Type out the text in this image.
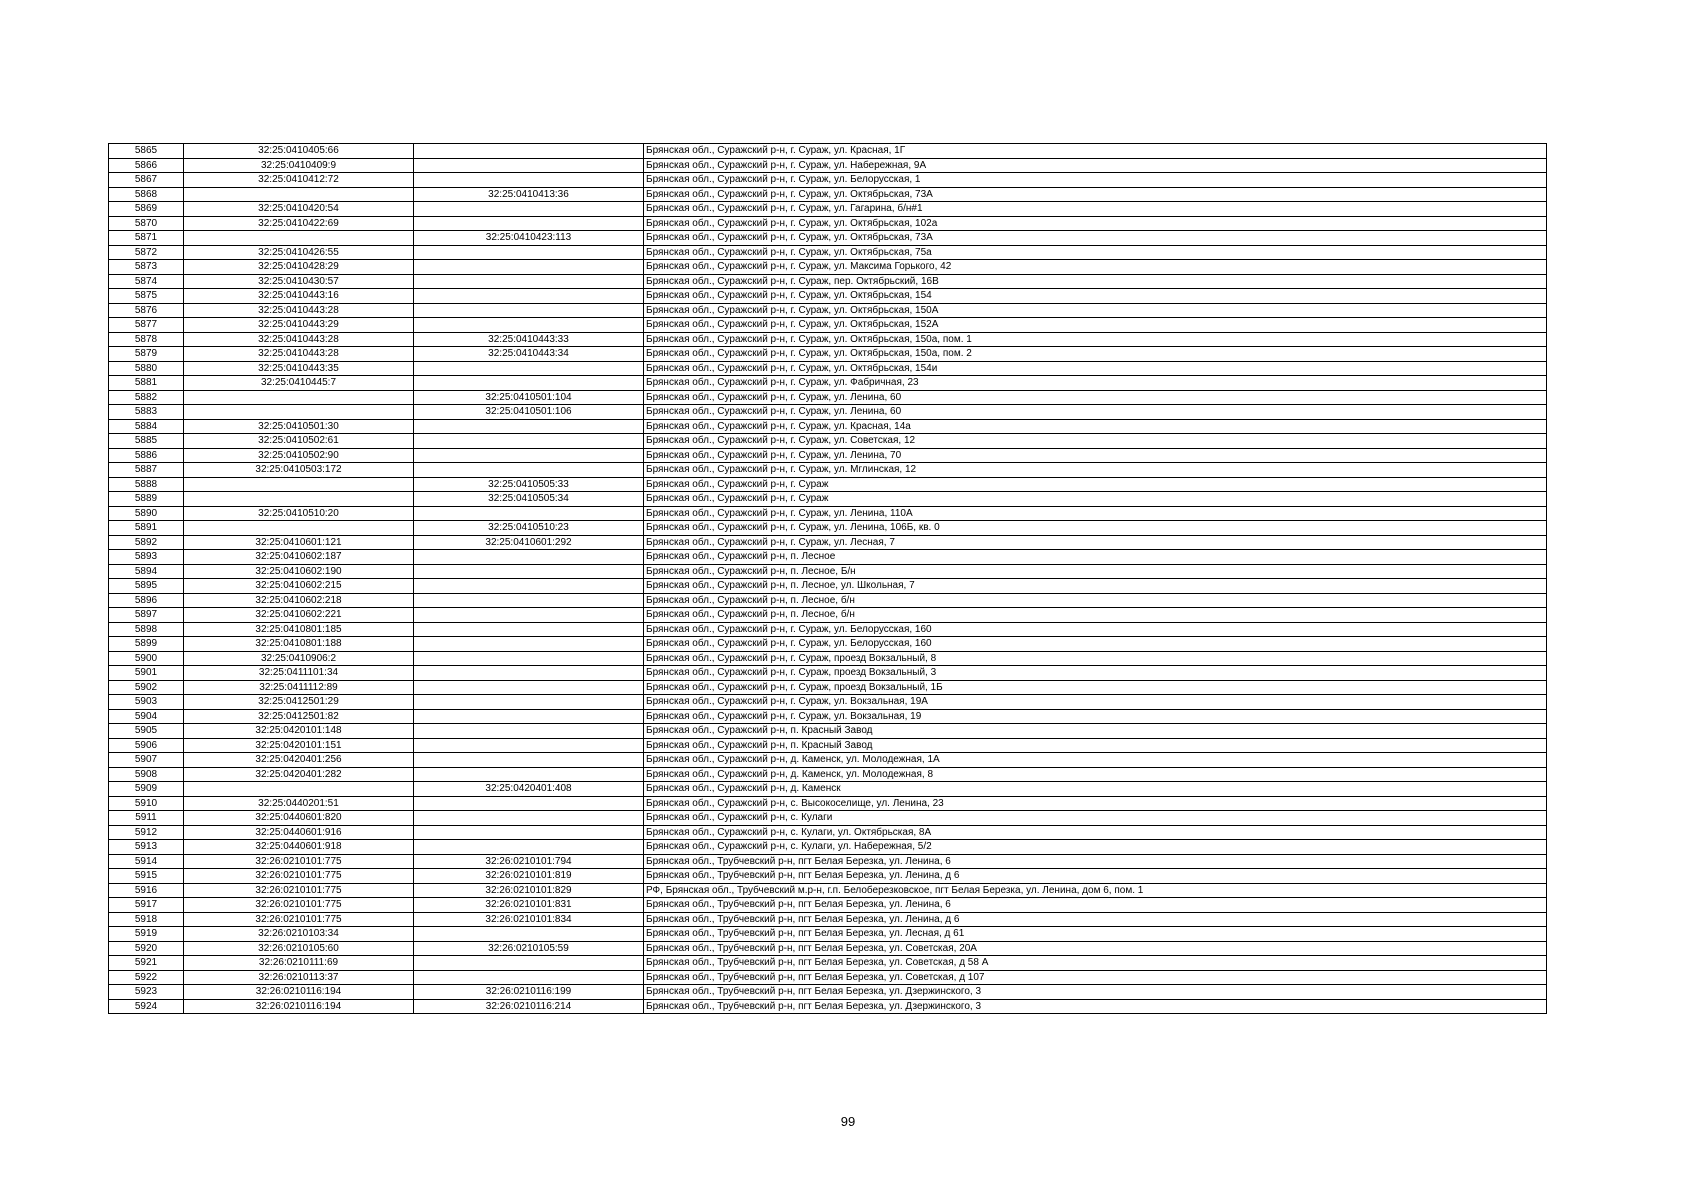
5865	32:25:0410405:66		Брянская обл., Суражский р-н, г. Сураж, ул. Красная, 1Г
5866	32:25:0410409:9		Брянская обл., Суражский р-н, г. Сураж, ул. Набережная, 9А
5867	32:25:0410412:72		Брянская обл., Суражский р-н, г. Сураж, ул. Белорусская, 1
5868		32:25:0410413:36	Брянская обл., Суражский р-н, г. Сураж, ул. Октябрьская, 73А
5869	32:25:0410420:54		Брянская обл., Суражский р-н, г. Сураж, ул. Гагарина, б/н#1
5870	32:25:0410422:69		Брянская обл., Суражский р-н, г. Сураж, ул. Октябрьская, 102а
5871		32:25:0410423:113	Брянская обл., Суражский р-н, г. Сураж, ул. Октябрьская, 73А
5872	32:25:0410426:55		Брянская обл., Суражский р-н, г. Сураж, ул. Октябрьская, 75а
5873	32:25:0410428:29		Брянская обл., Суражский р-н, г. Сураж, ул. Максима Горького, 42
5874	32:25:0410430:57		Брянская обл., Суражский р-н, г. Сураж, пер. Октябрьский, 16В
5875	32:25:0410443:16		Брянская обл., Суражский р-н, г. Сураж, ул. Октябрьская, 154
5876	32:25:0410443:28		Брянская обл., Суражский р-н, г. Сураж, ул. Октябрьская, 150А
5877	32:25:0410443:29		Брянская обл., Суражский р-н, г. Сураж, ул. Октябрьская, 152А
5878	32:25:0410443:28	32:25:0410443:33	Брянская обл., Суражский р-н, г. Сураж, ул. Октябрьская, 150а, пом. 1
5879	32:25:0410443:28	32:25:0410443:34	Брянская обл., Суражский р-н, г. Сураж, ул. Октябрьская, 150а, пом. 2
5880	32:25:0410443:35		Брянская обл., Суражский р-н, г. Сураж, ул. Октябрьская, 154и
5881	32:25:0410445:7		Брянская обл., Суражский р-н, г. Сураж, ул. Фабричная, 23
5882		32:25:0410501:104	Брянская обл., Суражский р-н, г. Сураж, ул. Ленина, 60
5883		32:25:0410501:106	Брянская обл., Суражский р-н, г. Сураж, ул. Ленина, 60
5884	32:25:0410501:30		Брянская обл., Суражский р-н, г. Сураж, ул. Красная, 14а
5885	32:25:0410502:61		Брянская обл., Суражский р-н, г. Сураж, ул. Советская, 12
5886	32:25:0410502:90		Брянская обл., Суражский р-н, г. Сураж, ул. Ленина, 70
5887	32:25:0410503:172		Брянская обл., Суражский р-н, г. Сураж, ул. Мглинская, 12
5888		32:25:0410505:33	Брянская обл., Суражский р-н, г. Сураж
5889		32:25:0410505:34	Брянская обл., Суражский р-н, г. Сураж
5890	32:25:0410510:20		Брянская обл., Суражский р-н, г. Сураж, ул. Ленина, 110А
5891		32:25:0410510:23	Брянская обл., Суражский р-н, г. Сураж, ул. Ленина, 106Б, кв. 0
5892	32:25:0410601:121	32:25:0410601:292	Брянская обл., Суражский р-н, г. Сураж, ул. Лесная, 7
5893	32:25:0410602:187		Брянская обл., Суражский р-н, п. Лесное
5894	32:25:0410602:190		Брянская обл., Суражский р-н, п. Лесное, Б/н
5895	32:25:0410602:215		Брянская обл., Суражский р-н, п. Лесное, ул. Школьная, 7
5896	32:25:0410602:218		Брянская обл., Суражский р-н, п. Лесное, б/н
5897	32:25:0410602:221		Брянская обл., Суражский р-н, п. Лесное, б/н
5898	32:25:0410801:185		Брянская обл., Суражский р-н, г. Сураж, ул. Белорусская, 160
5899	32:25:0410801:188		Брянская обл., Суражский р-н, г. Сураж, ул. Белорусская, 160
5900	32:25:0410906:2		Брянская обл., Суражский р-н, г. Сураж, проезд Вокзальный, 8
5901	32:25:0411101:34		Брянская обл., Суражский р-н, г. Сураж, проезд Вокзальный, 3
5902	32:25:0411112:89		Брянская обл., Суражский р-н, г. Сураж, проезд Вокзальный, 1Б
5903	32:25:0412501:29		Брянская обл., Суражский р-н, г. Сураж, ул. Вокзальная, 19А
5904	32:25:0412501:82		Брянская обл., Суражский р-н, г. Сураж, ул. Вокзальная, 19
5905	32:25:0420101:148		Брянская обл., Суражский р-н, п. Красный Завод
5906	32:25:0420101:151		Брянская обл., Суражский р-н, п. Красный Завод
5907	32:25:0420401:256		Брянская обл., Суражский р-н, д. Каменск, ул. Молодежная, 1А
5908	32:25:0420401:282		Брянская обл., Суражский р-н, д. Каменск, ул. Молодежная, 8
5909		32:25:0420401:408	Брянская обл., Суражский р-н, д. Каменск
5910	32:25:0440201:51		Брянская обл., Суражский р-н, с. Высокоселище, ул. Ленина, 23
5911	32:25:0440601:820		Брянская обл., Суражский р-н, с. Кулаги
5912	32:25:0440601:916		Брянская обл., Суражский р-н, с. Кулаги, ул. Октябрьская, 8А
5913	32:25:0440601:918		Брянская обл., Суражский р-н, с. Кулаги, ул. Набережная, 5/2
5914	32:26:0210101:775	32:26:0210101:794	Брянская обл., Трубчевский р-н, пгт Белая Березка, ул. Ленина, 6
5915	32:26:0210101:775	32:26:0210101:819	Брянская обл., Трубчевский р-н, пгт Белая Березка, ул. Ленина, д 6
5916	32:26:0210101:775	32:26:0210101:829	РФ, Брянская обл., Трубчевский м.р-н, г.п. Белоберезковское, пгт Белая Березка, ул. Ленина, дом 6, пом. 1
5917	32:26:0210101:775	32:26:0210101:831	Брянская обл., Трубчевский р-н, пгт Белая Березка, ул. Ленина, 6
5918	32:26:0210101:775	32:26:0210101:834	Брянская обл., Трубчевский р-н, пгт Белая Березка, ул. Ленина, д 6
5919	32:26:0210103:34		Брянская обл., Трубчевский р-н, пгт Белая Березка, ул. Лесная, д 61
5920	32:26:0210105:60	32:26:0210105:59	Брянская обл., Трубчевский р-н, пгт Белая Березка, ул. Советская, 20А
5921	32:26:0210111:69		Брянская обл., Трубчевский р-н, пгт Белая Березка, ул. Советская, д 58 А
5922	32:26:0210113:37		Брянская обл., Трубчевский р-н, пгт Белая Березка, ул. Советская, д 107
5923	32:26:0210116:194	32:26:0210116:199	Брянская обл., Трубчевский р-н, пгт Белая Березка, ул. Дзержинского, 3
5924	32:26:0210116:194	32:26:0210116:214	Брянская обл., Трубчевский р-н, пгт Белая Березка, ул. Дзержинского, 3
99
